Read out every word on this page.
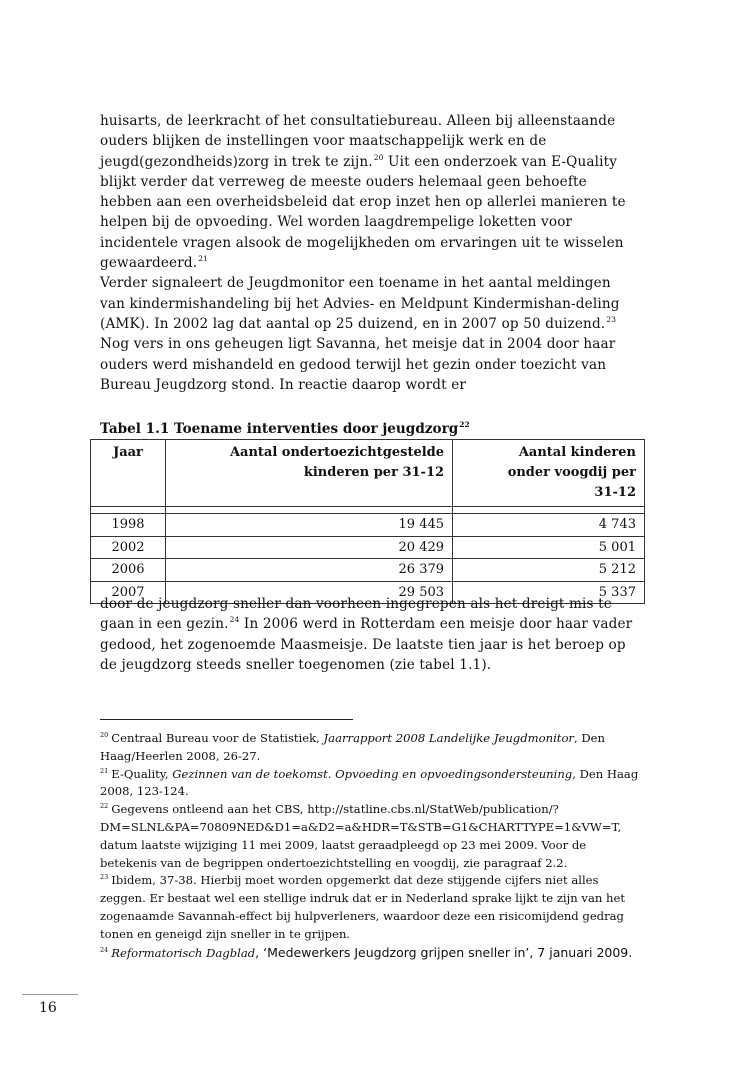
huisarts, de leerkracht of het consultatiebureau. Alleen bij alleenstaande ouders blijken de instellingen voor maatschappelijk werk en de jeugd(gezondheids)zorg in trek te zijn.$^{20}$ Uit een onderzoek van E-Quality blijkt verder dat verreweg de meeste ouders helemaal geen behoefte hebben aan een overheidsbeleid dat erop inzet hen op allerlei manieren te helpen bij de opvoeding. Wel worden laagdrempelige loketten voor incidentele vragen alsook de mogelijkheden om ervaringen uit te wisselen gewaardeerd.$^{21}$

Verder signaleert de Jeugdmonitor een toename in het aantal meldingen van kindermishandeling bij het Advies- en Meldpunt Kindermishan-deling (AMK). In 2002 lag dat aantal op 25 duizend, en in 2007 op 50 duizend.$^{23}$ Nog vers in ons geheugen ligt Savanna, het meisje dat in 2004 door haar ouders werd mishandeld en gedood terwijl het gezin onder toezicht van Bureau Jeugdzorg stond. In reactie daarop wordt er

Tabel 1.1 Toename interventies door jeugdzorg$^{22}$
Jaar	Aantal ondertoezichtgestelde kinderen per 31-12	Aantal kinderen onder voogdij per 31-12

1998	19 445	4 743
2002	20 429	5 001
2006	26 379	5 212
2007	29 503	5 337

door de jeugdzorg sneller dan voorheen ingegrepen als het dreigt mis te gaan in een gezin.$^{24}$ In 2006 werd in Rotterdam een meisje door haar vader gedood, het zogenoemde Maasmeisje. De laatste tien jaar is het beroep op de jeugdzorg steeds sneller toegenomen (zie tabel 1.1).

$^{20}$ Centraal Bureau voor de Statistiek, Jaarrapport 2008 Landelijke Jeugdmonitor, Den Haag/Heerlen 2008, 26-27.

$^{21}$ E-Quality, Gezinnen van de toekomst. Opvoeding en opvoedingsondersteuning, Den Haag 2008, 123-124.

$^{22}$ Gegevens ontleend aan het CBS, http://statline.cbs.nl/StatWeb/publication/?DM=SLNL&PA=70809NED&D1=a&D2=a&HDR=T&STB=G1&CHARTTYPE=1&VW=T, datum laatste wijziging 11 mei 2009, laatst geraadpleegd op 23 mei 2009. Voor de betekenis van de begrippen ondertoezichtstelling en voogdij, zie paragraaf 2.2.

$^{23}$ Ibidem, 37-38. Hierbij moet worden opgemerkt dat deze stijgende cijfers niet alles zeggen. Er bestaat wel een stellige indruk dat er in Nederland sprake lijkt te zijn van het zogenaamde Savannah-effect bij hulpverleners, waardoor deze een risicomijdend gedrag tonen en geneigd zijn sneller in te grijpen.

$^{24}$ Reformatorisch Dagblad, ‘Medewerkers Jeugdzorg grijpen sneller in’, 7 januari 2009.

16
